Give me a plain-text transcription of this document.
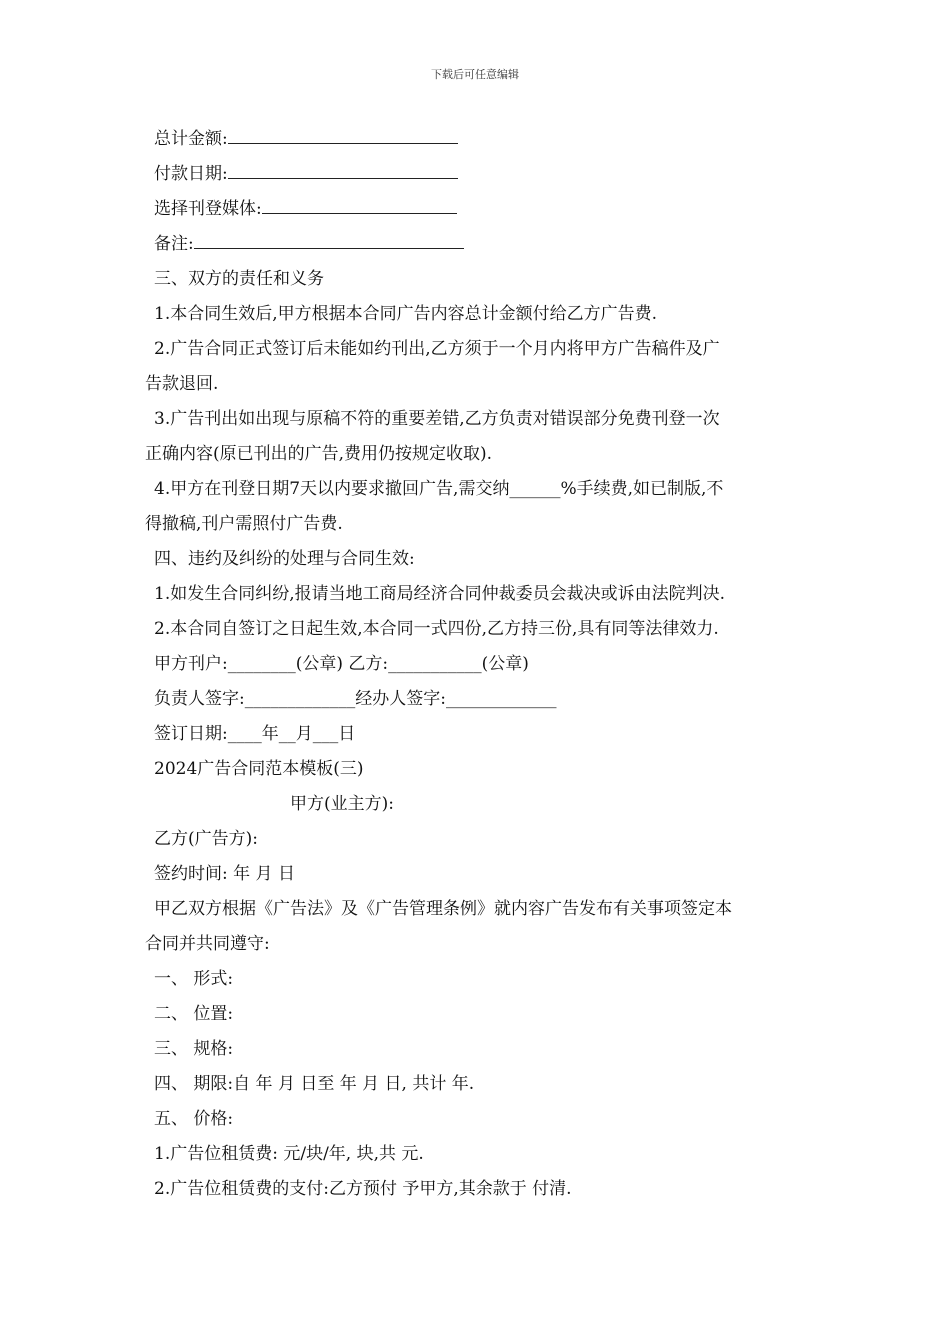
下载后可任意编辑
总计金额:
付款日期:
选择刊登媒体:
备注:
三、双方的责任和义务
1.本合同生效后,甲方根据本合同广告内容总计金额付给乙方广告费.
2.广告合同正式签订后未能如约刊出,乙方须于一个月内将甲方广告稿件及广
告款退回.
3.广告刊出如出现与原稿不符的重要差错,乙方负责对错误部分免费刊登一次
正确内容(原已刊出的广告,费用仍按规定收取).
4.甲方在刊登日期7天以内要求撤回广告,需交纳______%手续费,如已制版,不
得撤稿,刊户需照付广告费.
四、违约及纠纷的处理与合同生效:
1.如发生合同纠纷,报请当地工商局经济合同仲裁委员会裁决或诉由法院判决.
2.本合同自签订之日起生效,本合同一式四份,乙方持三份,具有同等法律效力.
甲方刊户:________(公章) 乙方:___________(公章)
负责人签字:_____________经办人签字:_____________
签订日期:____年__月___日
2024广告合同范本模板(三)
甲方(业主方):
乙方(广告方):
签约时间: 年 月 日
甲乙双方根据《广告法》及《广告管理条例》就内容广告发布有关事项签定本
合同并共同遵守:
一、 形式:
二、 位置:
三、 规格:
四、 期限:自 年 月 日至 年 月 日, 共计 年.
五、 价格:
1.广告位租赁费: 元/块/年, 块,共 元.
2.广告位租赁费的支付:乙方预付 予甲方,其余款于 付清.
